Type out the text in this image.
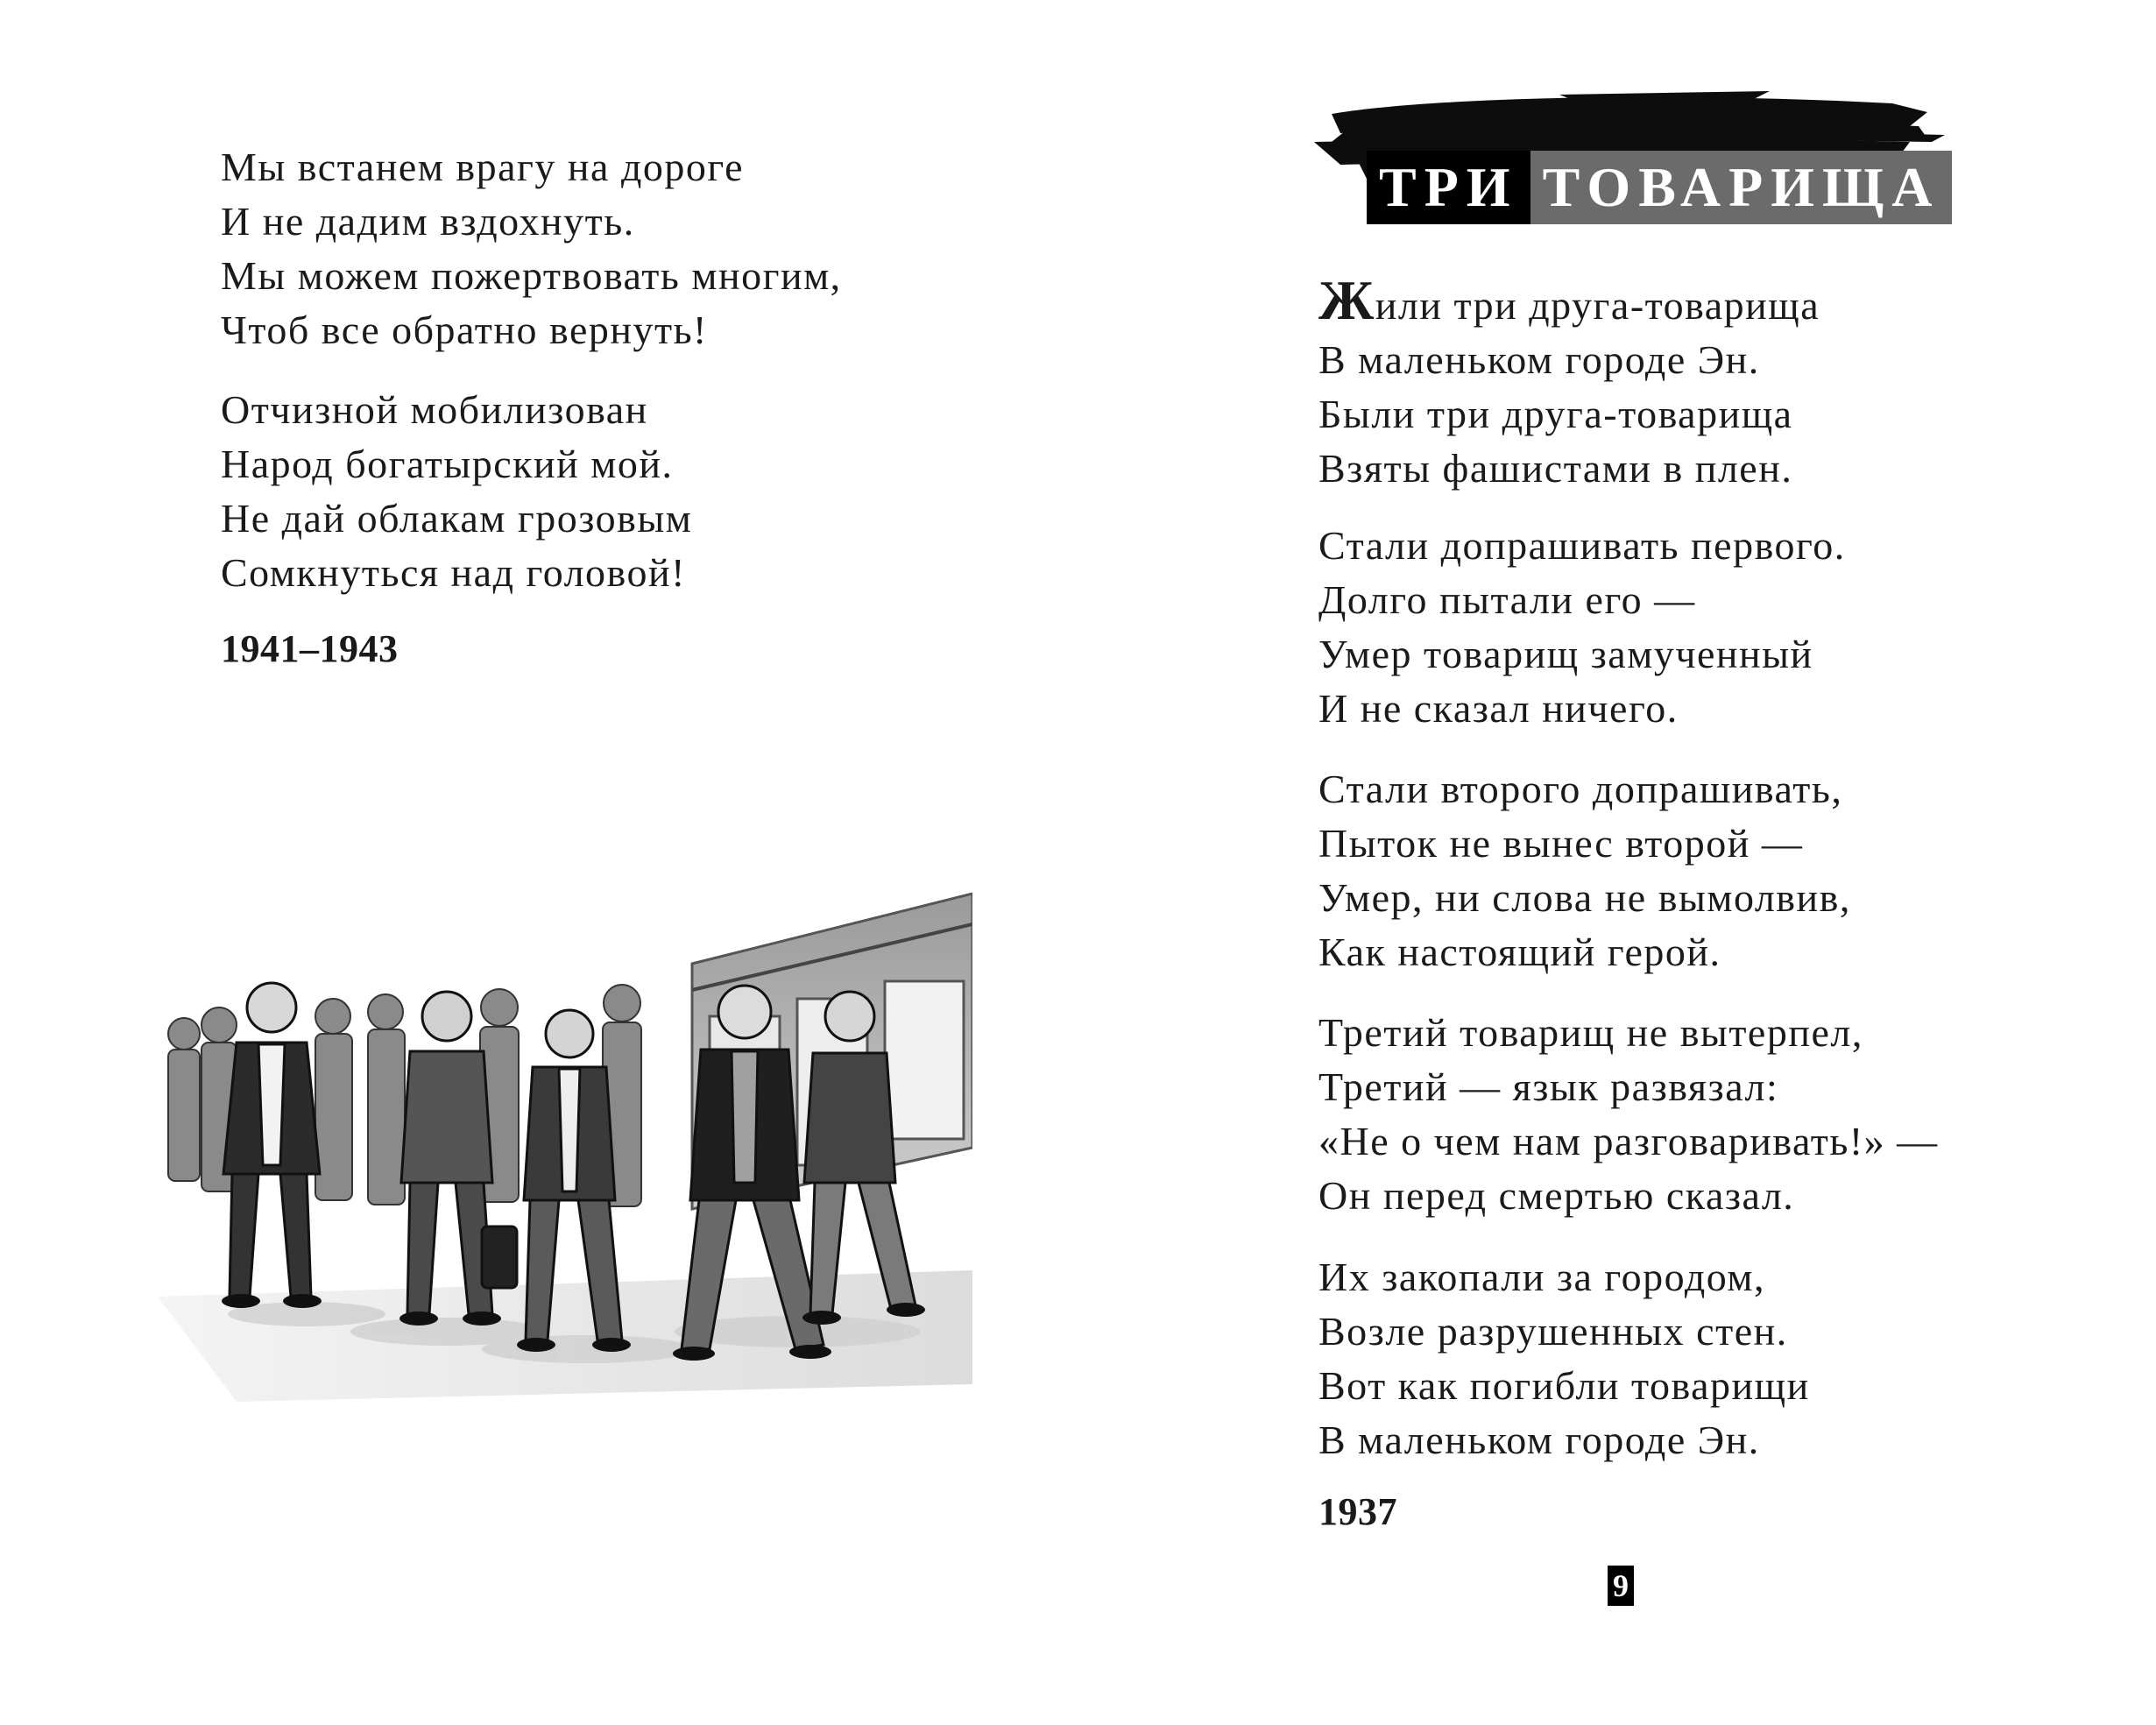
Мы встанем врагу на дороге
И не дадим вздохнуть.
Мы можем пожертвовать многим,
Чтоб все обратно вернуть!
Отчизной мобилизован
Народ богатырский мой.
Не дай облакам грозовым
Сомкнуться над головой!
1941–1943
ТРИ ТОВАРИЩА
Жили три друга-товарища
В маленьком городе Эн.
Были три друга-товарища
Взяты фашистами в плен.
Стали допрашивать первого.
Долго пытали его —
Умер товарищ замученный
И не сказал ничего.
Стали второго допрашивать,
Пыток не вынес второй —
Умер, ни слова не вымолвив,
Как настоящий герой.
Третий товарищ не вытерпел,
Третий — язык развязал:
«Не о чем нам разговаривать!» —
Он перед смертью сказал.
Их закопали за городом,
Возле разрушенных стен.
Вот как погибли товарищи
В маленьком городе Эн.
1937
9
